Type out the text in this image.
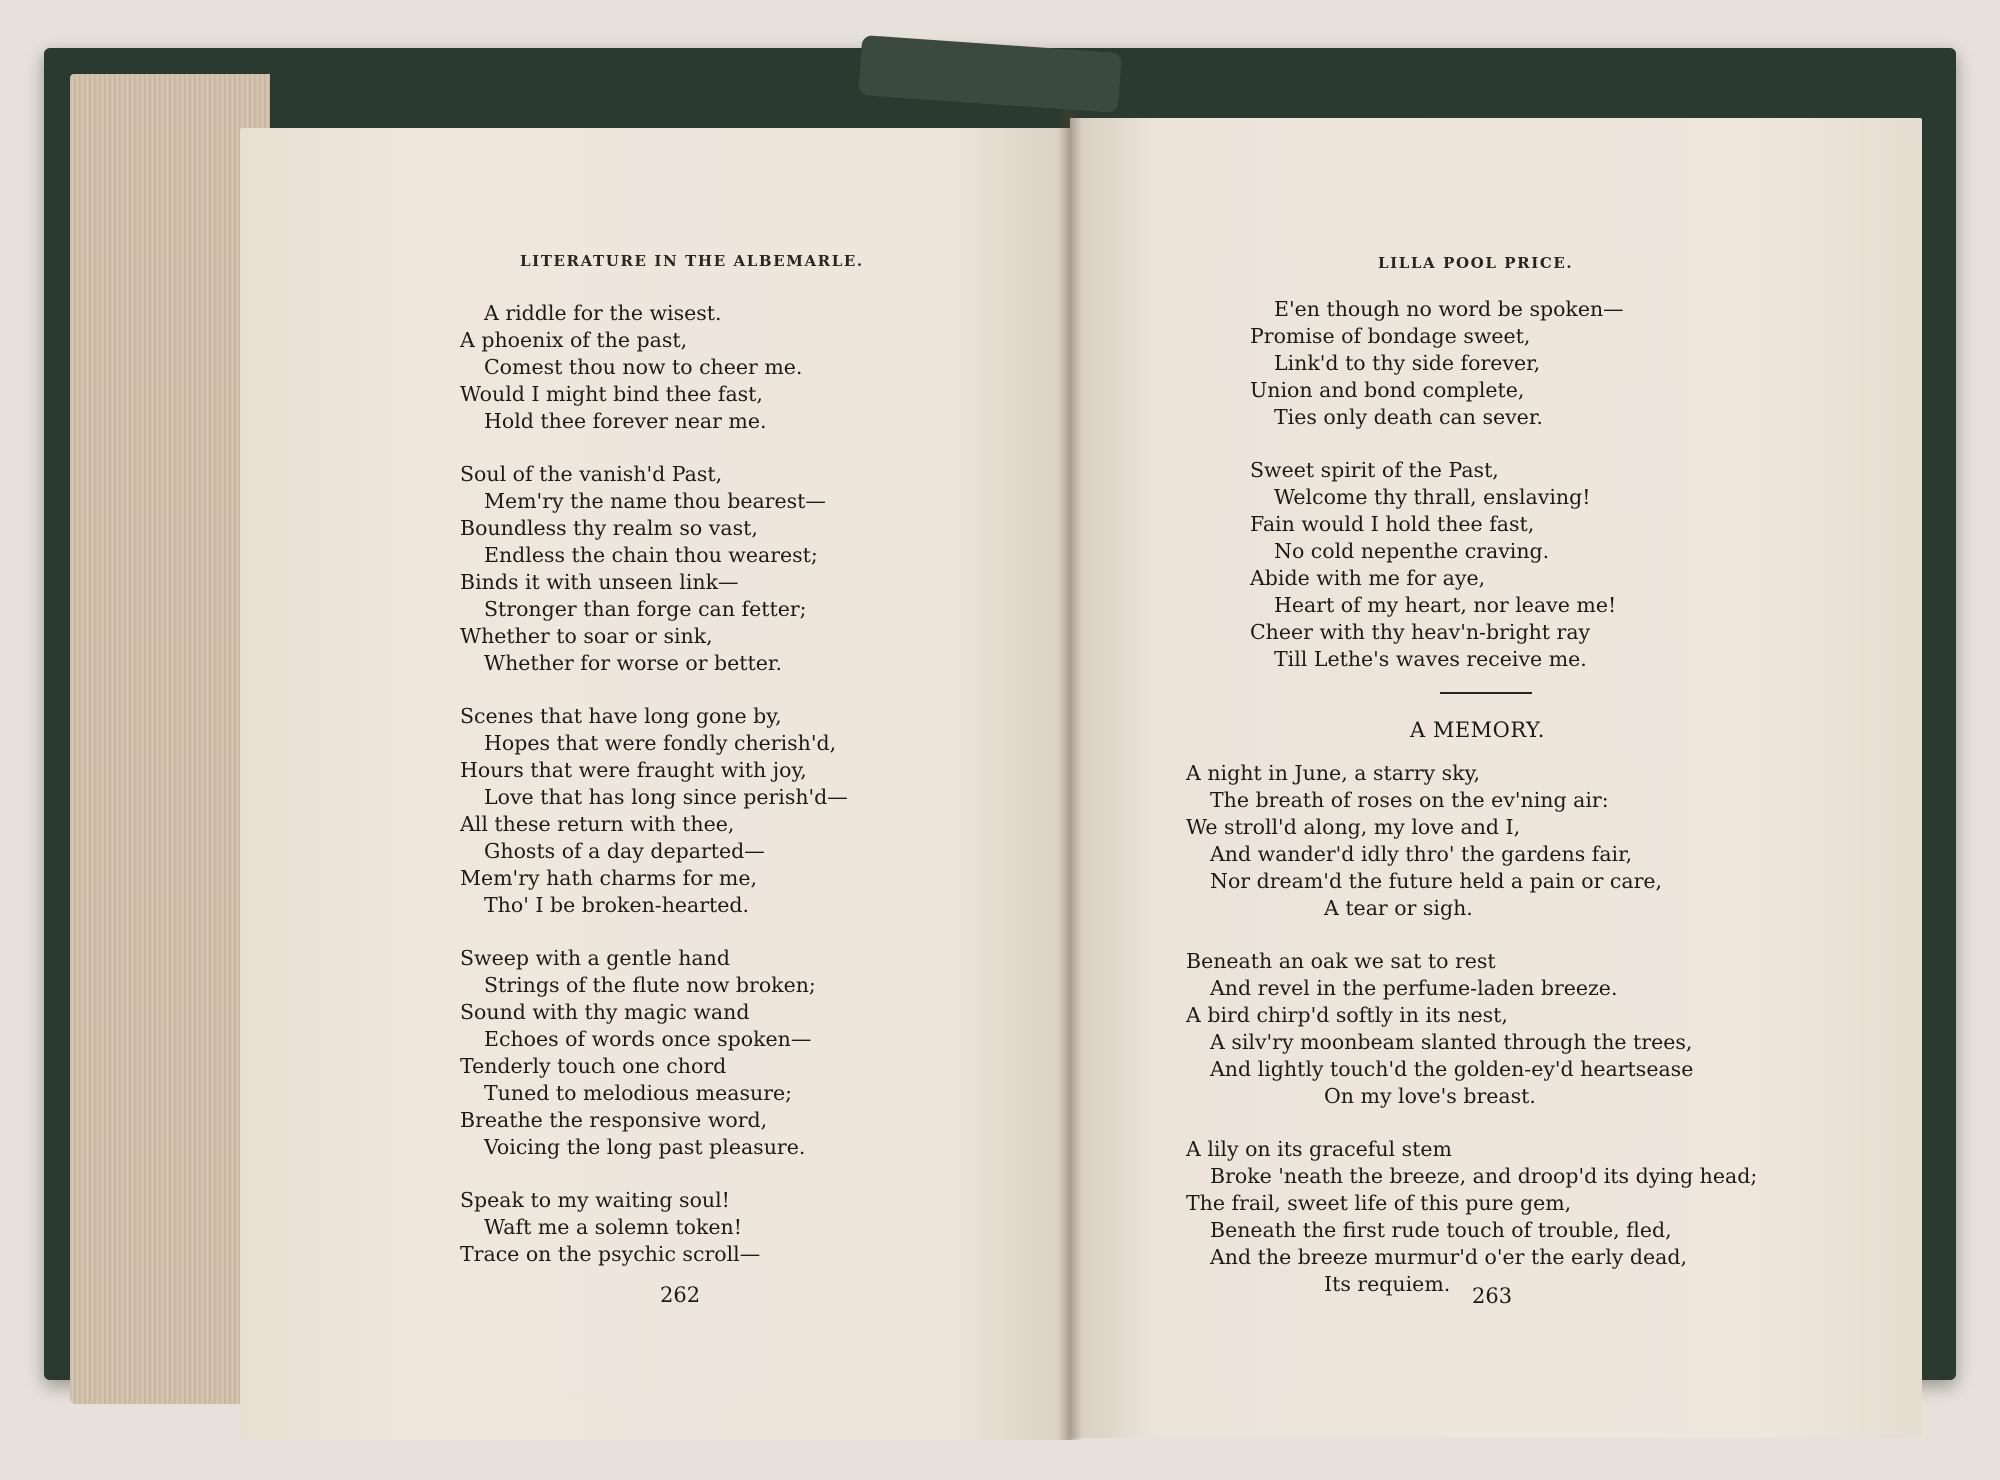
LITERATURE IN THE ALBEMARLE.
A riddle for the wisest.
A phoenix of the past,
Comest thou now to cheer me.
Would I might bind thee fast,
Hold thee forever near me.
Soul of the vanish'd Past,
Mem'ry the name thou bearest—
Boundless thy realm so vast,
Endless the chain thou wearest;
Binds it with unseen link—
Stronger than forge can fetter;
Whether to soar or sink,
Whether for worse or better.
Scenes that have long gone by,
Hopes that were fondly cherish'd,
Hours that were fraught with joy,
Love that has long since perish'd—
All these return with thee,
Ghosts of a day departed—
Mem'ry hath charms for me,
Tho' I be broken-hearted.
Sweep with a gentle hand
Strings of the flute now broken;
Sound with thy magic wand
Echoes of words once spoken—
Tenderly touch one chord
Tuned to melodious measure;
Breathe the responsive word,
Voicing the long past pleasure.
Speak to my waiting soul!
Waft me a solemn token!
Trace on the psychic scroll—
262
LILLA POOL PRICE.
E'en though no word be spoken—
Promise of bondage sweet,
Link'd to thy side forever,
Union and bond complete,
Ties only death can sever.
Sweet spirit of the Past,
Welcome thy thrall, enslaving!
Fain would I hold thee fast,
No cold nepenthe craving.
Abide with me for aye,
Heart of my heart, nor leave me!
Cheer with thy heav'n-bright ray
Till Lethe's waves receive me.
A MEMORY.
A night in June, a starry sky,
The breath of roses on the ev'ning air:
We stroll'd along, my love and I,
And wander'd idly thro' the gardens fair,
Nor dream'd the future held a pain or care,
A tear or sigh.
Beneath an oak we sat to rest
And revel in the perfume-laden breeze.
A bird chirp'd softly in its nest,
A silv'ry moonbeam slanted through the trees,
And lightly touch'd the golden-ey'd heartsease
On my love's breast.
A lily on its graceful stem
Broke 'neath the breeze, and droop'd its dying head;
The frail, sweet life of this pure gem,
Beneath the first rude touch of trouble, fled,
And the breeze murmur'd o'er the early dead,
Its requiem.	263
